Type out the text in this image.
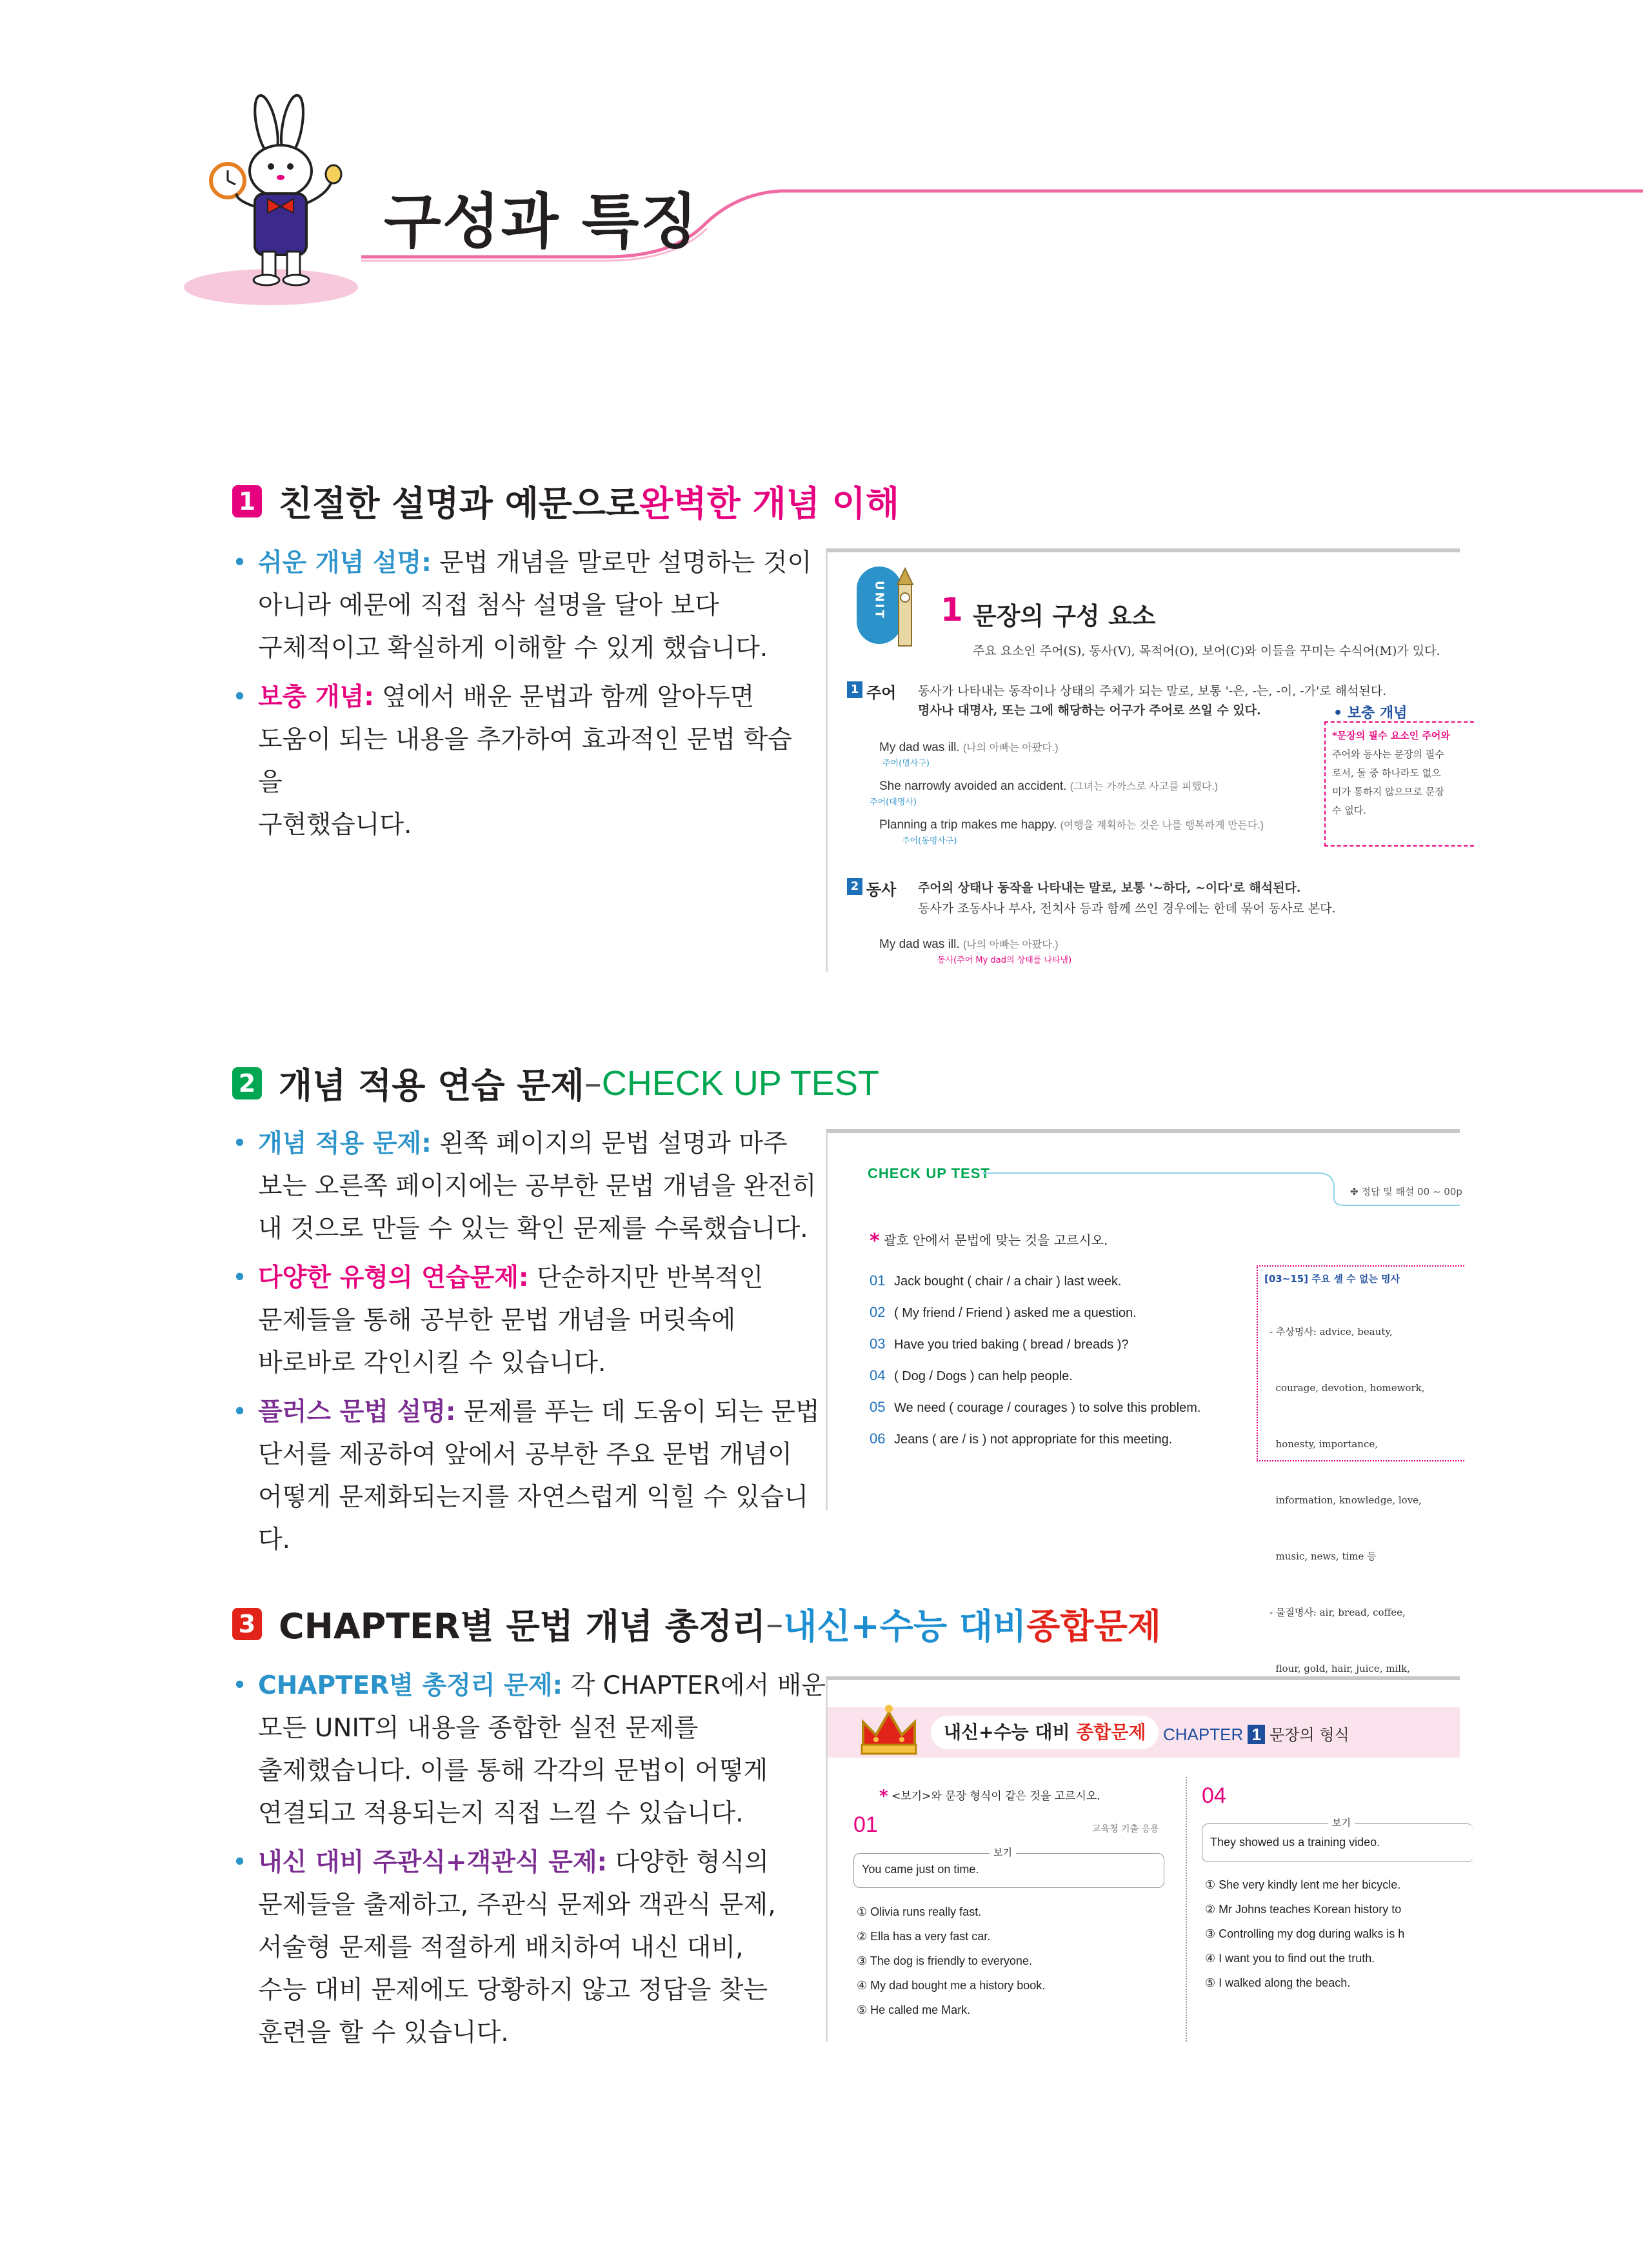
구성과 특징
1 친절한 설명과 예문으로 완벽한 개념 이해

• 쉬운 개념 설명: 문법 개념을 말로만 설명하는 것이

아니라 예문에 직접 첨삭 설명을 달아 보다

구체적이고 확실하게 이해할 수 있게 했습니다.

• 보충 개념: 옆에서 배운 문법과 함께 알아두면

도움이 되는 내용을 추가하여 효과적인 문법 학습을

구현했습니다.

UNIT 1 문장의 구성 요소
주요 요소인 주어(S), 동사(V), 목적어(O), 보어(C)와 이들을 꾸미는 수식어(M)가 있다.
1 주어 동사가 나타내는 동작이나 상태의 주체가 되는 말로, 보통 '-은, -는, -이, -가'로 해석된다.
명사나 대명사, 또는 그에 해당하는 어구가 주어로 쓰일 수 있다.
My dad was ill. (나의 아빠는 아팠다.)
주어(명사구)
She narrowly avoided an accident. (그녀는 가까스로 사고를 피했다.)
주어(대명사)
Planning a trip makes me happy. (여행을 계획하는 것은 나를 행복하게 만든다.)
주어(동명사구)
• 보충 개념
*문장의 필수 요소인 주어와
주어와 동사는 문장의 필수
로서, 둘 중 하나라도 없으
미가 통하지 않으므로 문장
수 없다.
2 동사 주어의 상태나 동작을 나타내는 말로, 보통 '~하다, ~이다'로 해석된다.
동사가 조동사나 부사, 전치사 등과 함께 쓰인 경우에는 한데 묶어 동사로 본다.
My dad was ill. (나의 아빠는 아팠다.)
동사(주어 My dad의 상태를 나타냄)
2 개념 적용 연습 문제 – CHECK UP TEST

• 개념 적용 문제: 왼쪽 페이지의 문법 설명과 마주

보는 오른쪽 페이지에는 공부한 문법 개념을 완전히

내 것으로 만들 수 있는 확인 문제를 수록했습니다.

• 다양한 유형의 연습문제: 단순하지만 반복적인

문제들을 통해 공부한 문법 개념을 머릿속에

바로바로 각인시킬 수 있습니다.

• 플러스 문법 설명: 문제를 푸는 데 도움이 되는 문법

단서를 제공하여 앞에서 공부한 주요 문법 개념이

어떻게 문제화되는지를 자연스럽게 익힐 수 있습니다.

CHECK UP TEST
✤ 정답 및 해설 00 ~ 00p
* 괄호 안에서 문법에 맞는 것을 고르시오.
01 Jack bought ( chair / a chair ) last week.
02 ( My friend / Friend ) asked me a question.
03 Have you tried baking ( bread / breads )?
04 ( Dog / Dogs ) can help people.
05 We need ( courage / courages ) to solve this problem.
06 Jeans ( are / is ) not appropriate for this meeting.
[03~15] 주요 셀 수 없는 명사

- 추상명사: advice, beauty,

courage, devotion, homework,

honesty, importance,

information, knowledge, love,

music, news, time 등

- 물질명사: air, bread, coffee,

flour, gold, hair, juice, milk,

3 CHAPTER별 문법 개념 총정리 – 내신+수능 대비 종합문제

• CHAPTER별 총정리 문제: 각 CHAPTER에서 배운

모든 UNIT의 내용을 종합한 실전 문제를

출제했습니다. 이를 통해 각각의 문법이 어떻게

연결되고 적용되는지 직접 느낄 수 있습니다.

• 내신 대비 주관식+객관식 문제: 다양한 형식의

문제들을 출제하고, 주관식 문제와 객관식 문제,

서술형 문제를 적절하게 배치하여 내신 대비,

수능 대비 문제에도 당황하지 않고 정답을 찾는

훈련을 할 수 있습니다.

내신+수능 대비 종합문제	CHAPTER 1 문장의 형식
* <보기>와 문장 형식이 같은 것을 고르시오.
01	교육청 기출 응용
보기
You came just on time.
① Olivia runs really fast.
② Ella has a very fast car.
③ The dog is friendly to everyone.
④ My dad bought me a history book.
⑤ He called me Mark.
04
보기
They showed us a training video.
① She very kindly lent me her bicycle.
② Mr Johns teaches Korean history to
③ Controlling my dog during walks is h
④ I want you to find out the truth.
⑤ I walked along the beach.
